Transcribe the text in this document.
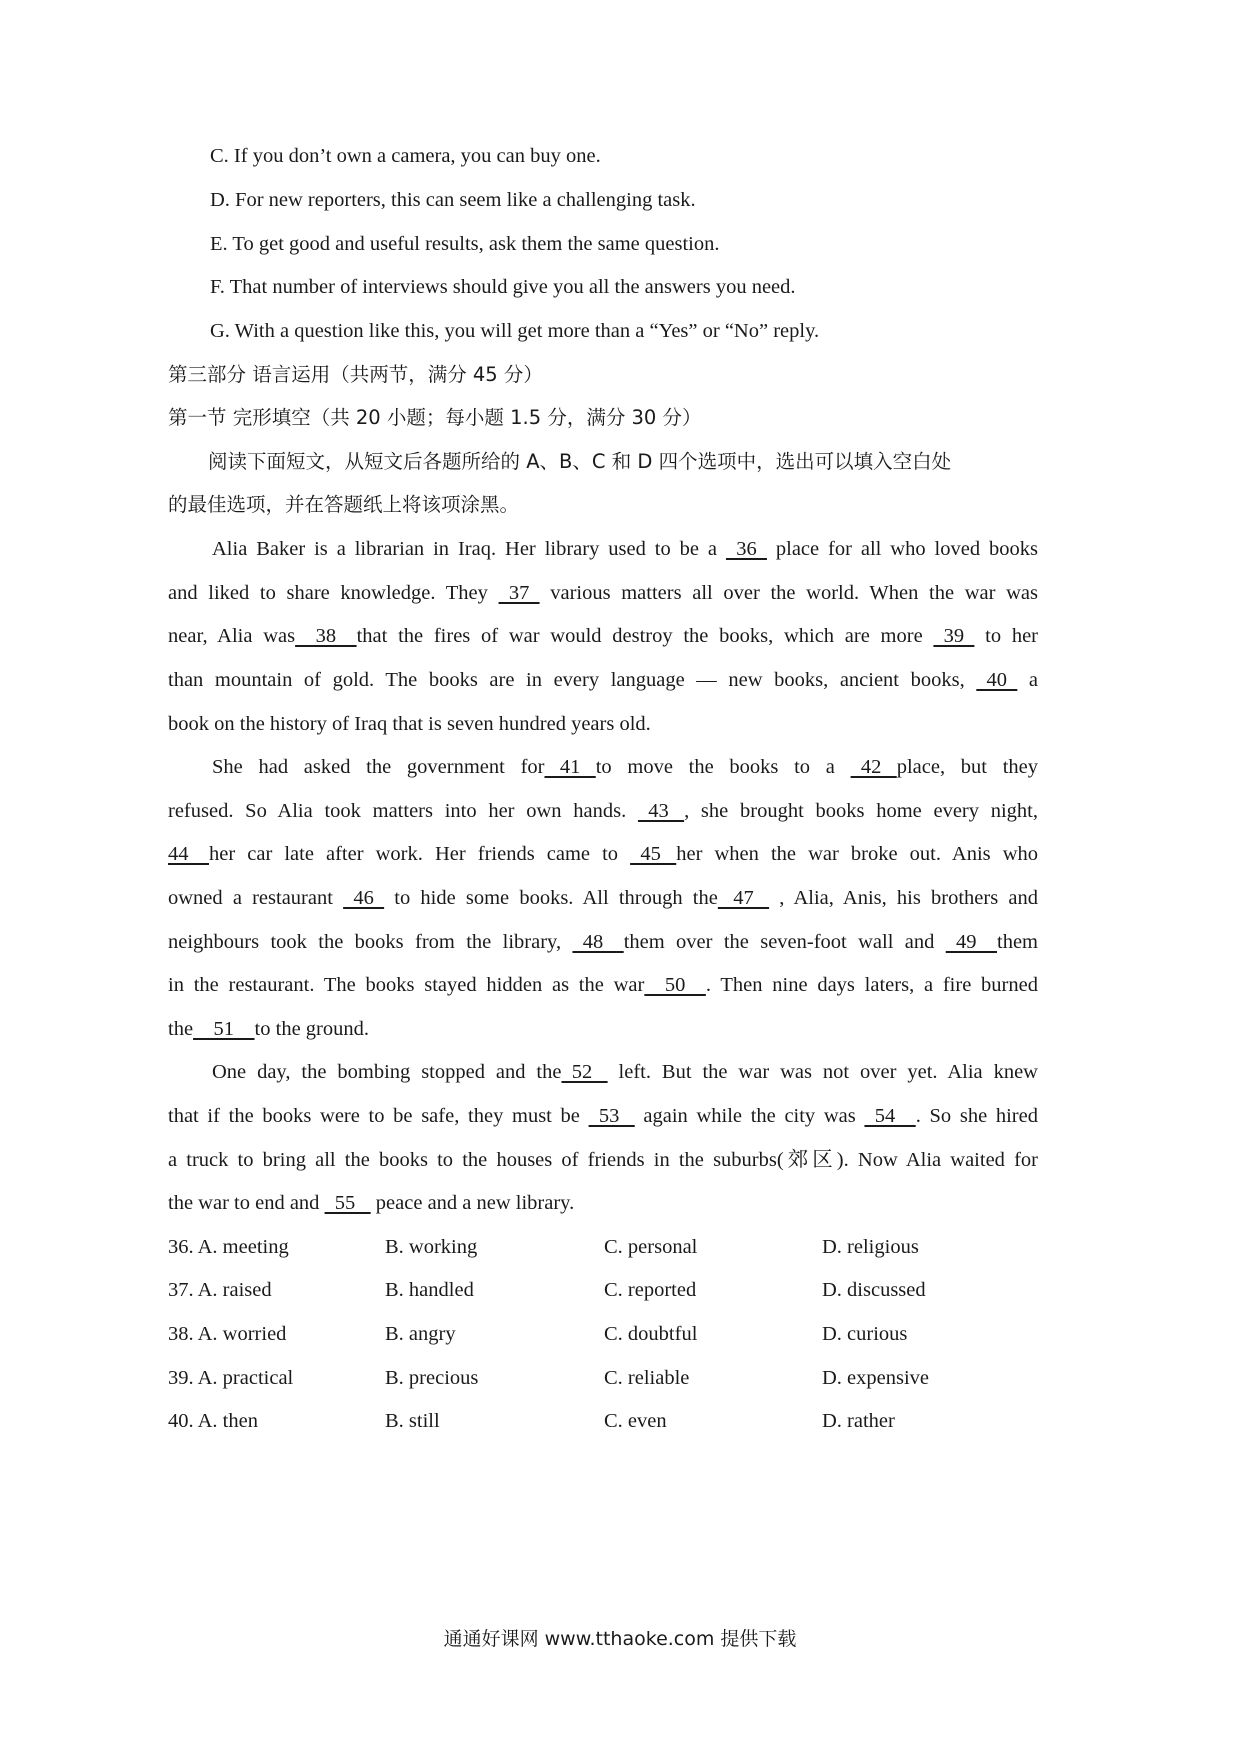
C. If you don’t own a camera, you can buy one.
D. For new reporters, this can seem like a challenging task.
E. To get good and useful results, ask them the same question.
F. That number of interviews should give you all the answers you need.
G. With a question like this, you will get more than a “Yes” or “No” reply.
第三部分 语言运用（共两节，满分 45 分）
第一节 完形填空（共 20 小题；每小题 1.5 分，满分 30 分）
阅读下面短文，从短文后各题所给的 A、B、C 和 D 四个选项中，选出可以填入空白处
的最佳选项，并在答题纸上将该项涂黑。
Alia Baker is a librarian in Iraq. Her library used to be a   36   place for all who loved books
and liked to share knowledge. They   37   various matters all over the world. When the war was
near, Alia was    38    that the fires of war would destroy the books, which are more   39   to her
than mountain of gold. The books are in every language — new books, ancient books,   40   a
book on the history of Iraq that is seven hundred years old.
She had asked the government for   41   to move the books to a   42   place, but they
refused. So Alia took matters into her own hands.   43   , she brought books home every night,
44    her car late after work. Her friends came to   45   her when the war broke out. Anis who
owned a restaurant   46   to hide some books. All through the   47    , Alia, Anis, his brothers and
neighbours took the books from the library,   48    them over the seven-foot wall and   49    them
in the restaurant. The books stayed hidden as the war    50    . Then nine days laters, a fire burned
the    51    to the ground.
One day, the bombing stopped and the  52    left. But the war was not over yet. Alia knew
that if the books were to be safe, they must be   53    again while the city was   54    . So she hired
a truck to bring all the books to the houses of friends in the suburbs(郊区). Now Alia waited for
the war to end and   55    peace and a new library.
36. A. meeting	B. working	C. personal	D. religious
37. A. raised	B. handled	C. reported	D. discussed
38. A. worried	B. angry	C. doubtful	D. curious
39. A. practical	B. precious	C. reliable	D. expensive
40. A. then	B. still	C. even	D. rather
通通好课网 www.tthaoke.com 提供下载
